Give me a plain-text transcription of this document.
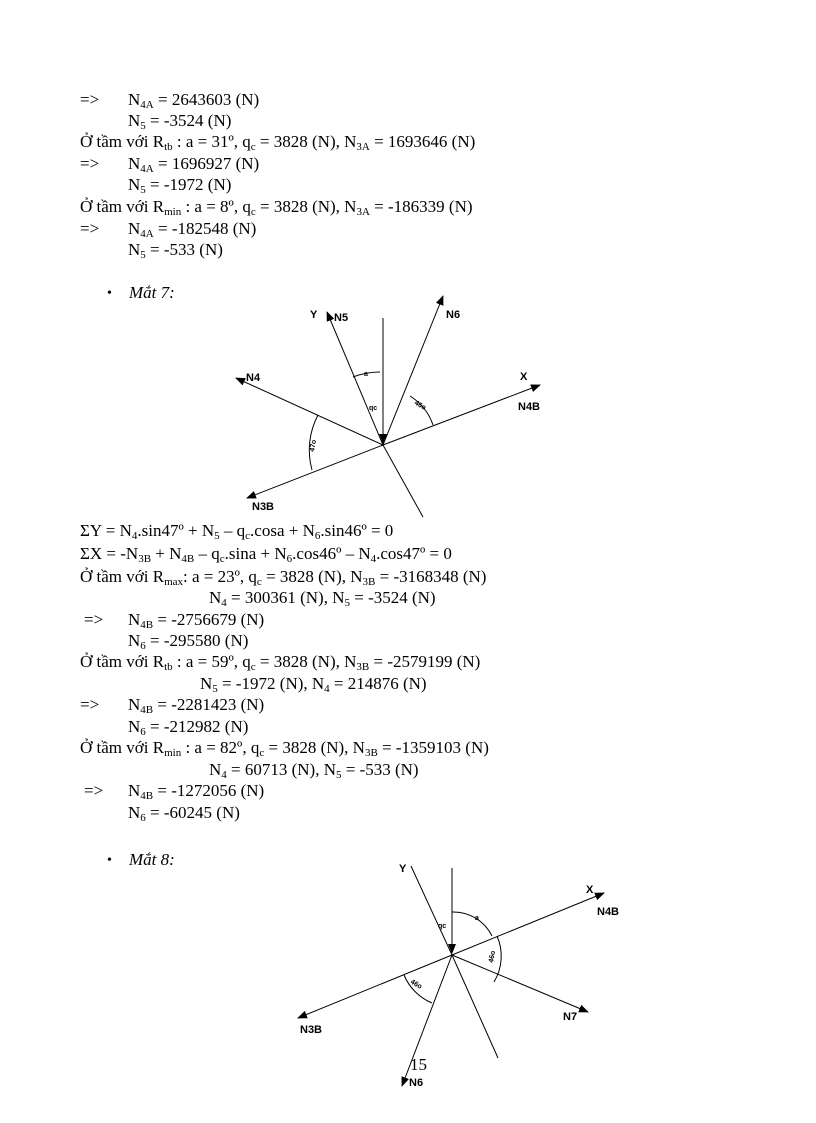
=> $N_{4A} = 2643603$ (N)
$N_5 = -3524$ (N)
Ở tầm với $R_{tb}$ : a = 31º, $q_c = 3828$ (N), $N_{3A} = 1693646$ (N)
=> $N_{4A} = 1696927$ (N)
$N_5 = -1972$ (N)
Ở tầm với $R_{min}$ : a = 8º, $q_c = 3828$ (N), $N_{3A} = -186339$ (N)
=> $N_{4A} = -182548$ (N)
$N_5 = -533$ (N)
• Mắt 7:
Y N5	N6
N4	X
N4B
N3B
qc
a
46o
47o
$\Sigma Y = N_4.\sin 47º + N_5 - q_c.\cos a$ + $N_6.\sin 46º = 0$
$\Sigma X = -N_{3B} + N_{4B} - q_c.\sin a$ + $N_6.\cos 46º$ – $N_4.\cos 47º = 0$
Ở tầm với $R_{max}$: a = 23º, $q_c = 3828$ (N), $N_{3B} = -3168348$ (N)
$N_4 = 300361$ (N), $N_5 = -3524$ (N)
=> $N_{4B} = -2756679$ (N)
$N_6 = -295580$ (N)
Ở tầm với $R_{tb}$ : a = 59º, $q_c = 3828$ (N), $N_{3B} = -2579199$ (N)
$N_5 = -1972$ (N), $N_4 = 214876$ (N)
=> $N_{4B} = -2281423$ (N)
$N_6 = -212982$ (N)
Ở tầm với $R_{min}$ : a = 82º, $q_c = 3828$ (N), $N_{3B} = -1359103$ (N)
$N_4 = 60713$ (N), $N_5 = -533$ (N)
=> $N_{4B} = -1272056$ (N)
$N_6 = -60245$ (N)
• Mắt 8:	Y
X
N4B
N3B
N7
N6
qc
a
46o
46o
15
